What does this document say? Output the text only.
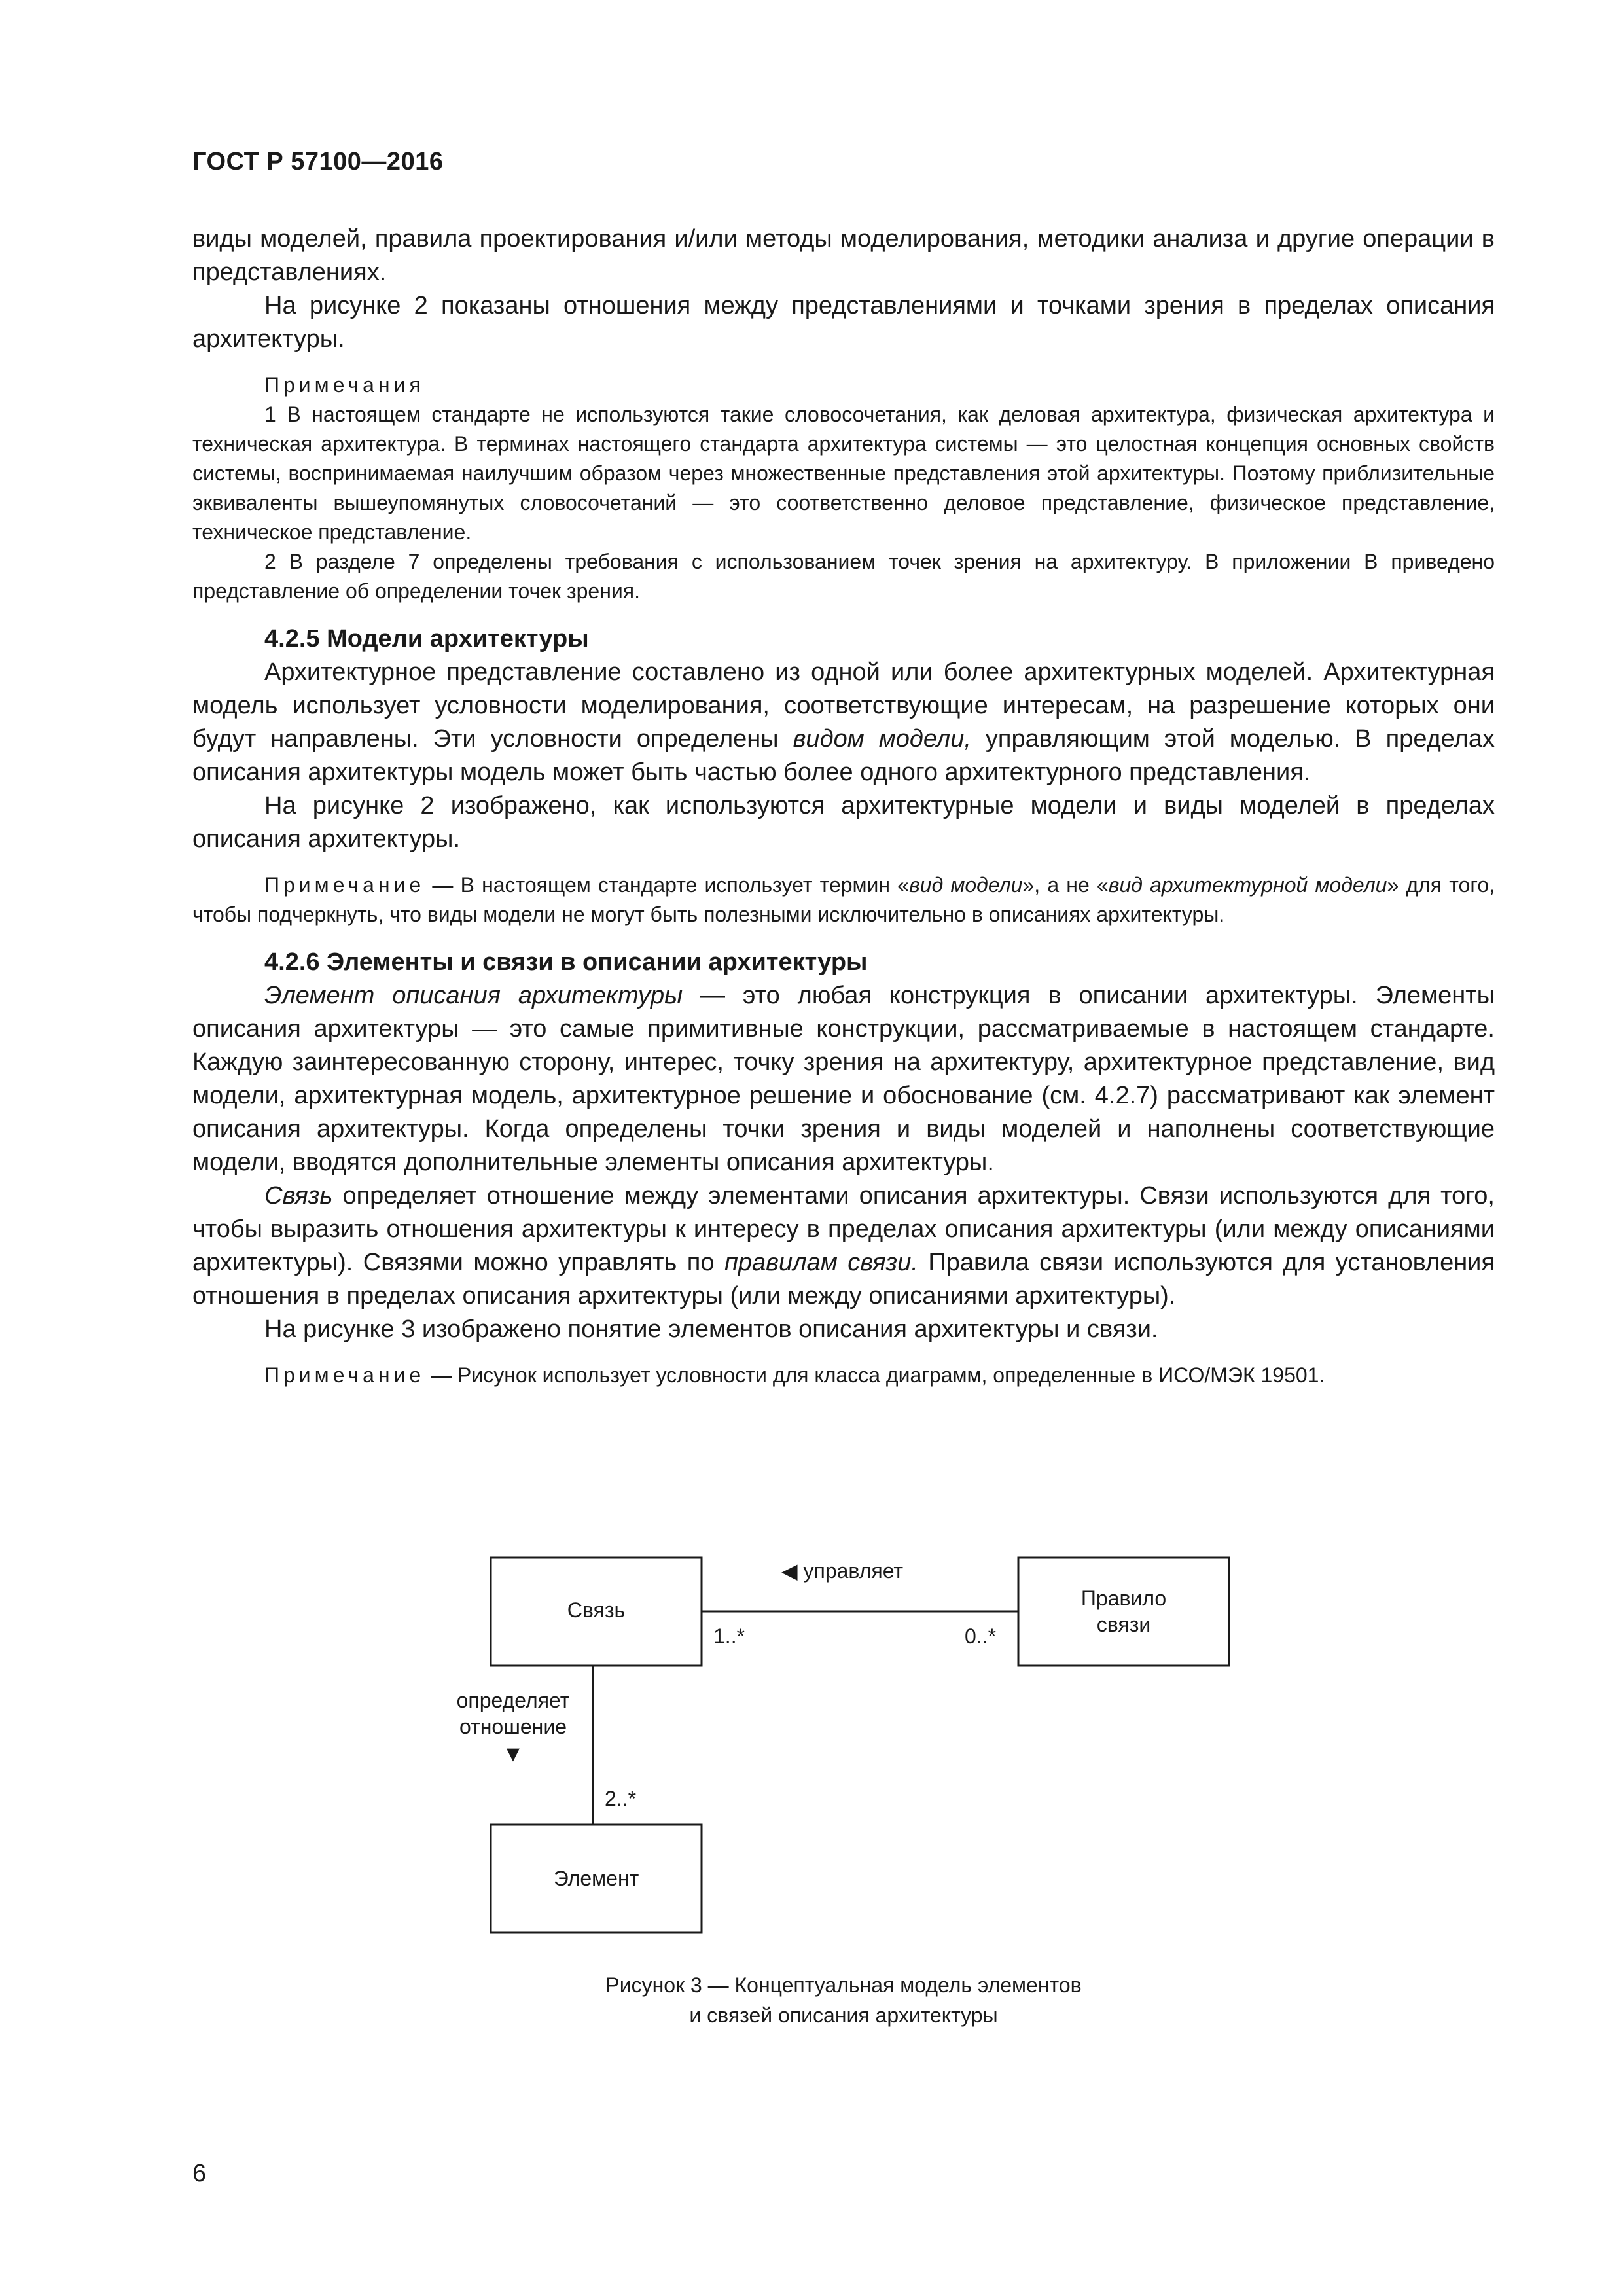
ГОСТ Р 57100—2016

виды моделей, правила проектирования и/или методы моделирования, методики анализа и другие операции в представлениях.

На рисунке 2 показаны отношения между представлениями и точками зрения в пределах описания архитектуры.

Примечания

1 В настоящем стандарте не используются такие словосочетания, как деловая архитектура, физическая архитектура и техническая архитектура. В терминах настоящего стандарта архитектура системы — это целостная концепция основных свойств системы, воспринимаемая наилучшим образом через множественные представления этой архитектуры. Поэтому приблизительные эквиваленты вышеупомянутых словосочетаний — это соответственно деловое представление, физическое представление, техническое представление.

2 В разделе 7 определены требования с использованием точек зрения на архитектуру. В приложении В приведено представление об определении точек зрения.

4.2.5 Модели архитектуры

Архитектурное представление составлено из одной или более архитектурных моделей. Архитектурная модель использует условности моделирования, соответствующие интересам, на разрешение которых они будут направлены. Эти условности определены видом модели, управляющим этой моделью. В пределах описания архитектуры модель может быть частью более одного архитектурного представления.

На рисунке 2 изображено, как используются архитектурные модели и виды моделей в пределах описания архитектуры.

Примечание — В настоящем стандарте использует термин «вид модели», а не «вид архитектурной модели» для того, чтобы подчеркнуть, что виды модели не могут быть полезными исключительно в описаниях архитектуры.

4.2.6 Элементы и связи в описании архитектуры

Элемент описания архитектуры — это любая конструкция в описании архитектуры. Элементы описания архитектуры — это самые примитивные конструкции, рассматриваемые в настоящем стандарте. Каждую заинтересованную сторону, интерес, точку зрения на архитектуру, архитектурное представление, вид модели, архитектурная модель, архитектурное решение и обоснование (см. 4.2.7) рассматривают как элемент описания архитектуры. Когда определены точки зрения и виды моделей и наполнены соответствующие модели, вводятся дополнительные элементы описания архитектуры.

Связь определяет отношение между элементами описания архитектуры. Связи используются для того, чтобы выразить отношения архитектуры к интересу в пределах описания архитектуры (или между описаниями архитектуры). Связями можно управлять по правилам связи. Правила связи используются для установления отношения в пределах описания архитектуры (или между описаниями архитектуры).

На рисунке 3 изображено понятие элементов описания архитектуры и связи.

Примечание — Рисунок использует условности для класса диаграмм, определенные в ИСО/МЭК 19501.

Связь	Правило
связи
Элемент
◀ управляет
1..*	0..*
определяет
отношение
▼
2..*
Рисунок 3 — Концептуальная модель элементов
и связей описания архитектуры
6
